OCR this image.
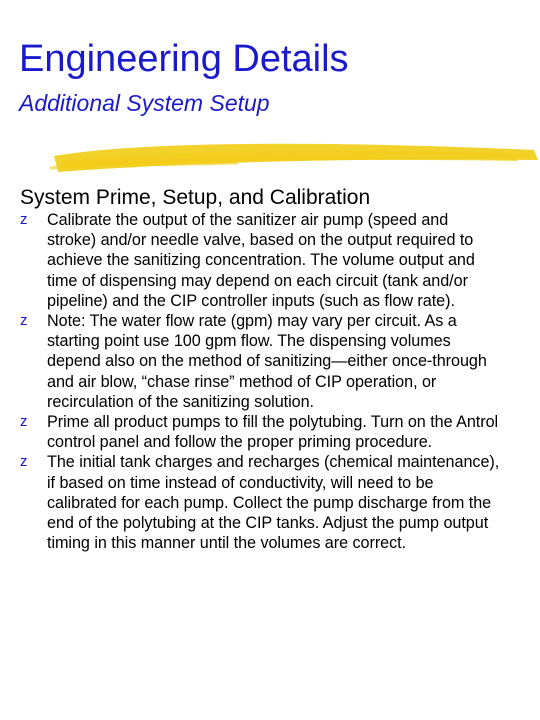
Engineering Details
Additional System Setup
System Prime, Setup, and Calibration
z Calibrate the output of the sanitizer air pump (speed and stroke) and/or needle valve, based on the output required to achieve the sanitizing concentration. The volume output and time of dispensing may depend on each circuit (tank and/or pipeline) and the CIP controller inputs (such as flow rate).
z Note: The water flow rate (gpm) may vary per circuit. As a starting point use 100 gpm flow. The dispensing volumes depend also on the method of sanitizing—either once-through and air blow, “chase rinse” method of CIP operation, or recirculation of the sanitizing solution.
z Prime all product pumps to fill the polytubing. Turn on the Antrol control panel and follow the proper priming procedure.
z The initial tank charges and recharges (chemical maintenance), if based on time instead of conductivity, will need to be calibrated for each pump. Collect the pump discharge from the end of the polytubing at the CIP tanks. Adjust the pump output timing in this manner until the volumes are correct.
